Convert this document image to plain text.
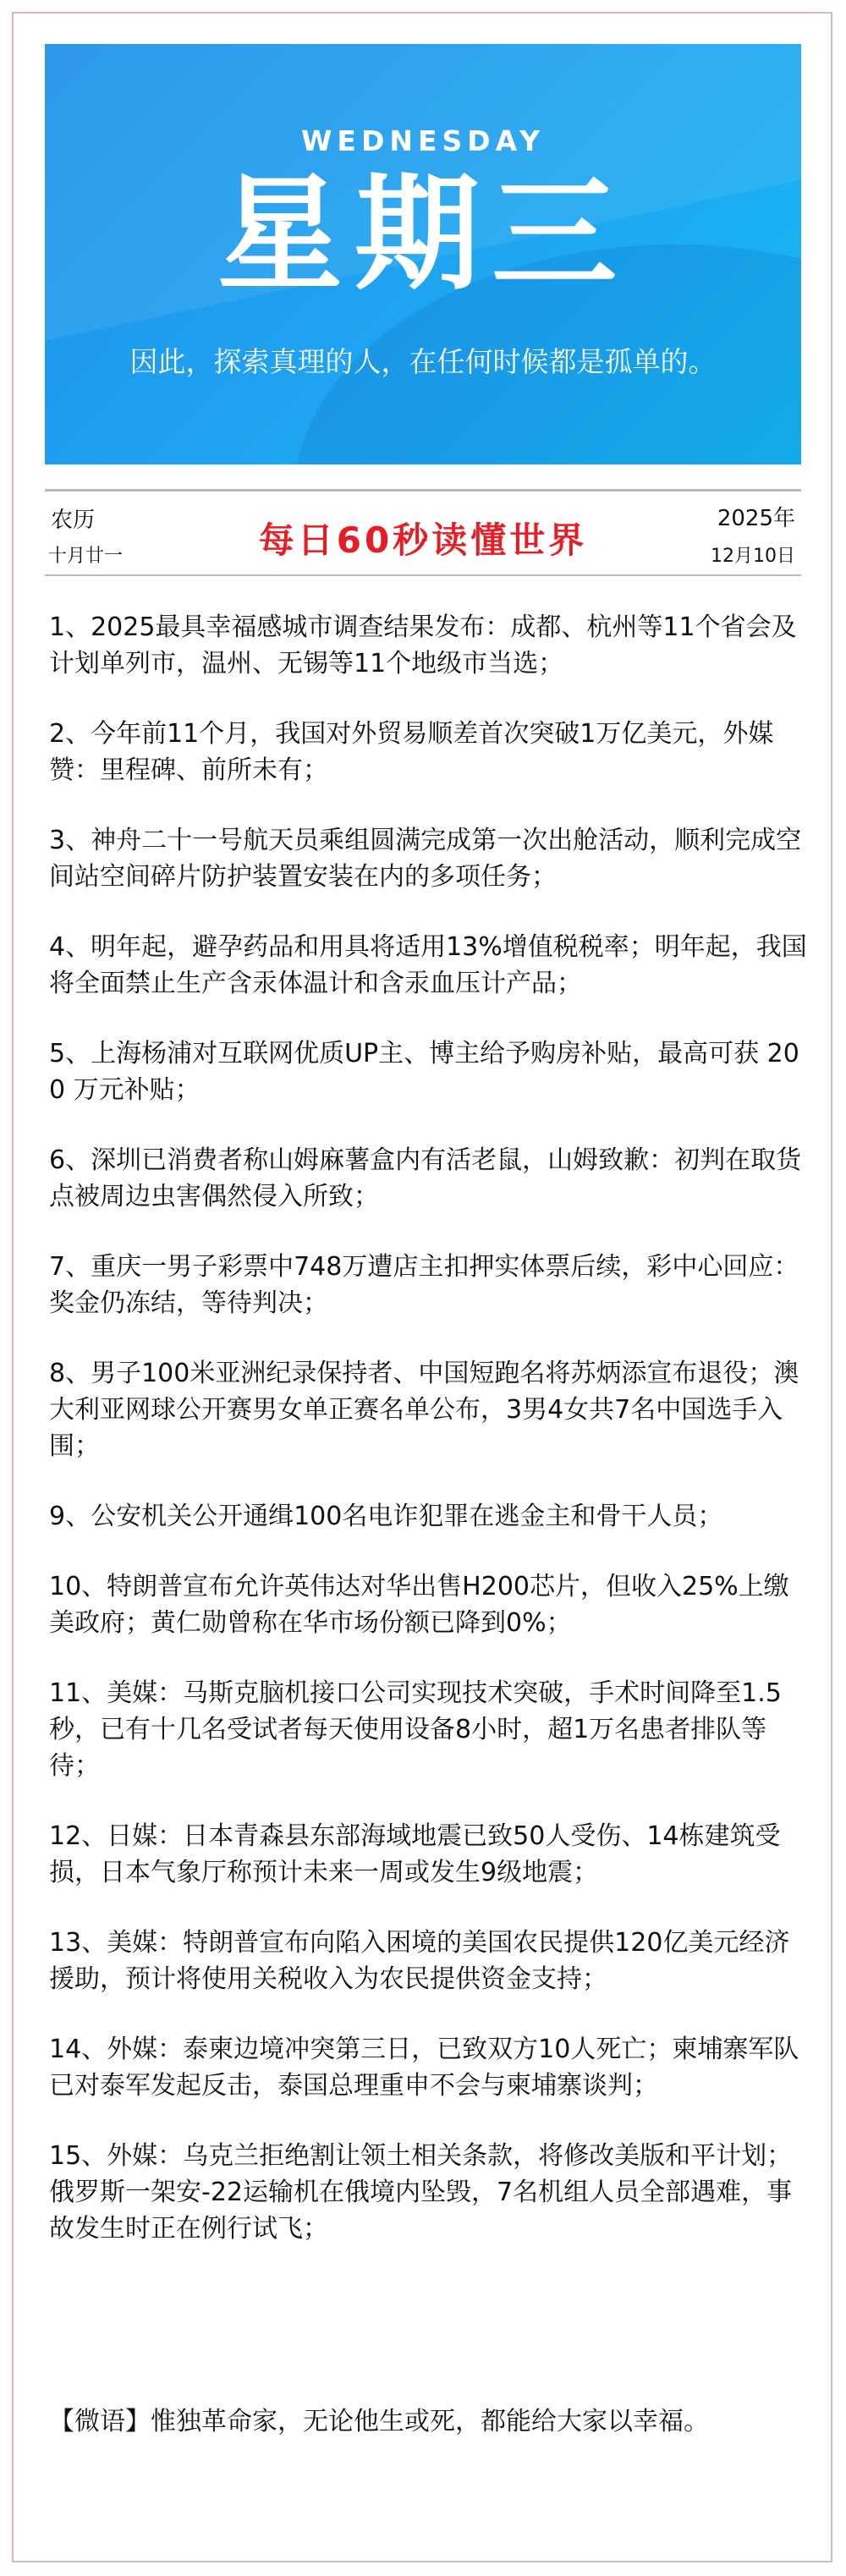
WEDNESDAY
星期三
因此，探索真理的人，在任何时候都是孤单的。
农历
十月廿一	每日60秒读懂世界
2025年
12月10日
1、2025最具幸福感城市调查结果发布：成都、杭州等11个省会及计划单列市，温州、无锡等11个地级市当选；
2、今年前11个月，我国对外贸易顺差首次突破1万亿美元，外媒赞：里程碑、前所未有；
3、神舟二十一号航天员乘组圆满完成第一次出舱活动，顺利完成空间站空间碎片防护装置安装在内的多项任务；
4、明年起，避孕药品和用具将适用13%增值税税率；明年起，我国将全面禁止生产含汞体温计和含汞血压计产品；
5、上海杨浦对互联网优质UP主、博主给予购房补贴，最高可获 200 万元补贴；
6、深圳已消费者称山姆麻薯盒内有活老鼠，山姆致歉：初判在取货点被周边虫害偶然侵入所致；
7、重庆一男子彩票中748万遭店主扣押实体票后续，彩中心回应：奖金仍冻结，等待判决；
8、男子100米亚洲纪录保持者、中国短跑名将苏炳添宣布退役；澳大利亚网球公开赛男女单正赛名单公布，3男4女共7名中国选手入围；
9、公安机关公开通缉100名电诈犯罪在逃金主和骨干人员；
10、特朗普宣布允许英伟达对华出售H200芯片，但收入25%上缴美政府；黄仁勋曾称在华市场份额已降到0%；
11、美媒：马斯克脑机接口公司实现技术突破，手术时间降至1.5秒，已有十几名受试者每天使用设备8小时，超1万名患者排队等待；
12、日媒：日本青森县东部海域地震已致50人受伤、14栋建筑受损，日本气象厅称预计未来一周或发生9级地震；
13、美媒：特朗普宣布向陷入困境的美国农民提供120亿美元经济援助，预计将使用关税收入为农民提供资金支持；
14、外媒：泰柬边境冲突第三日，已致双方10人死亡；柬埔寨军队已对泰军发起反击，泰国总理重申不会与柬埔寨谈判；
15、外媒：乌克兰拒绝割让领土相关条款，将修改美版和平计划；俄罗斯一架安-22运输机在俄境内坠毁，7名机组人员全部遇难，事故发生时正在例行试飞；
【微语】惟独革命家，无论他生或死，都能给大家以幸福。
